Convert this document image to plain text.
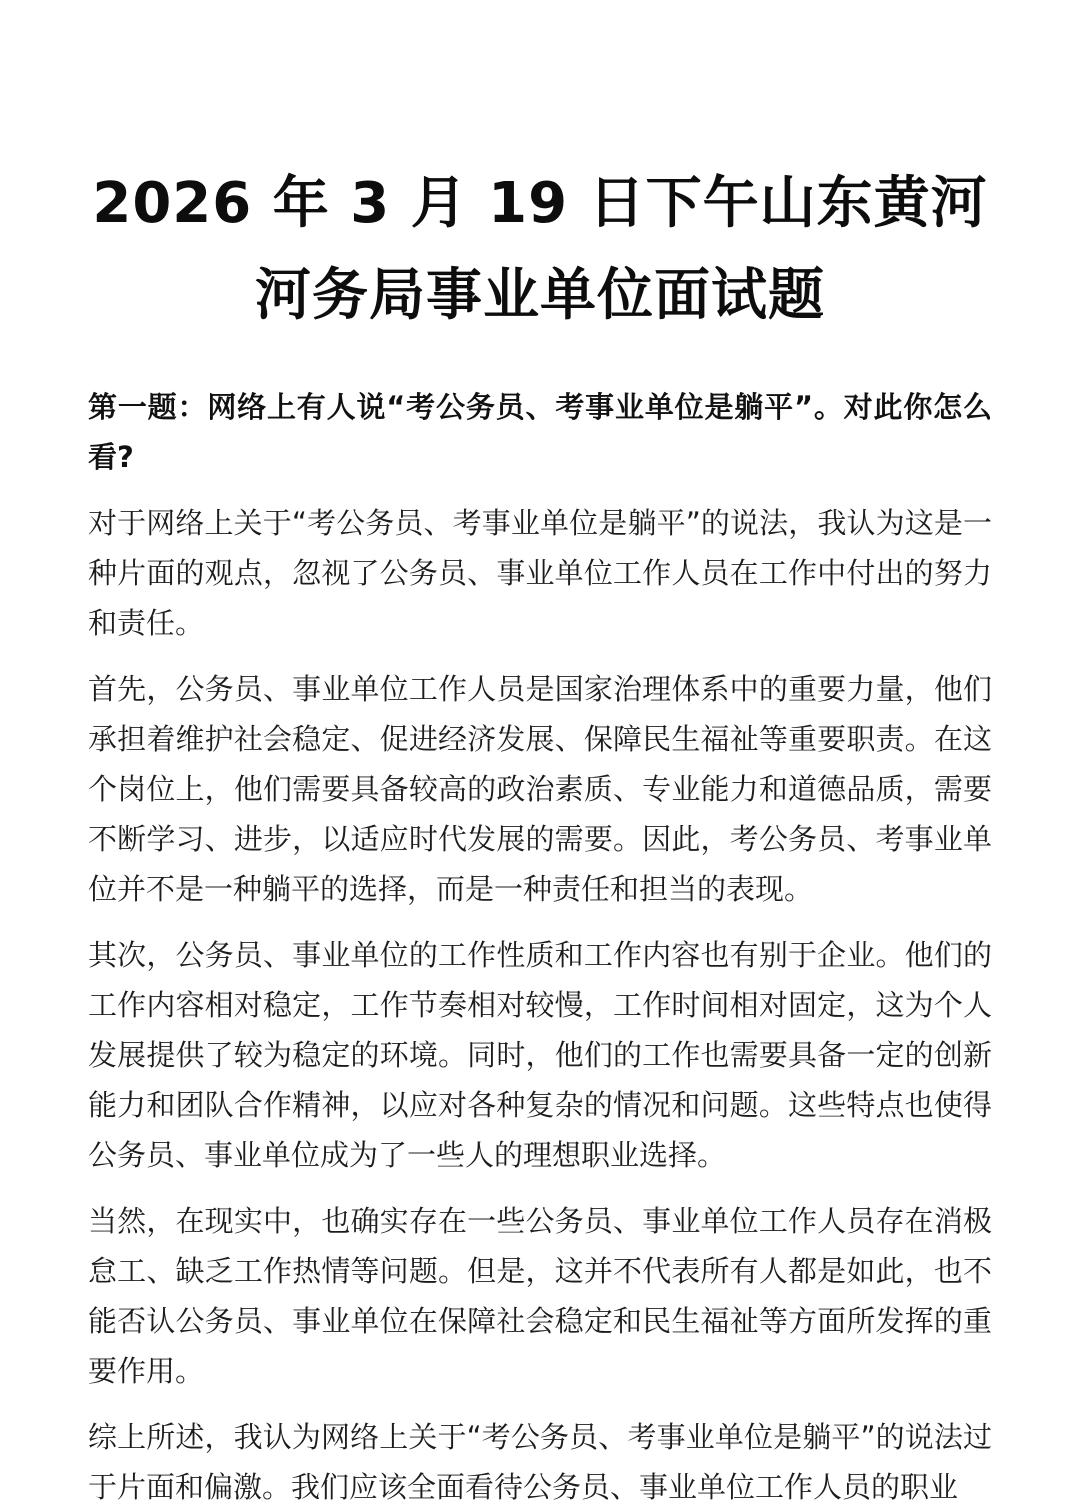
2026 年 3 月 19 日下午山东黄河河务局事业单位面试题

第一题：网络上有人说“考公务员、考事业单位是躺平”。对此你怎么看?

对于网络上关于“考公务员、考事业单位是躺平”的说法，我认为这是一种片面的观点，忽视了公务员、事业单位工作人员在工作中付出的努力和责任。

首先，公务员、事业单位工作人员是国家治理体系中的重要力量，他们承担着维护社会稳定、促进经济发展、保障民生福祉等重要职责。在这个岗位上，他们需要具备较高的政治素质、专业能力和道德品质，需要不断学习、进步，以适应时代发展的需要。因此，考公务员、考事业单位并不是一种躺平的选择，而是一种责任和担当的表现。

其次，公务员、事业单位的工作性质和工作内容也有别于企业。他们的工作内容相对稳定，工作节奏相对较慢，工作时间相对固定，这为个人发展提供了较为稳定的环境。同时，他们的工作也需要具备一定的创新能力和团队合作精神，以应对各种复杂的情况和问题。这些特点也使得公务员、事业单位成为了一些人的理想职业选择。

当然，在现实中，也确实存在一些公务员、事业单位工作人员存在消极怠工、缺乏工作热情等问题。但是，这并不代表所有人都是如此，也不能否认公务员、事业单位在保障社会稳定和民生福祉等方面所发挥的重要作用。

综上所述，我认为网络上关于“考公务员、考事业单位是躺平”的说法过于片面和偏激。我们应该全面看待公务员、事业单位工作人员的职业
